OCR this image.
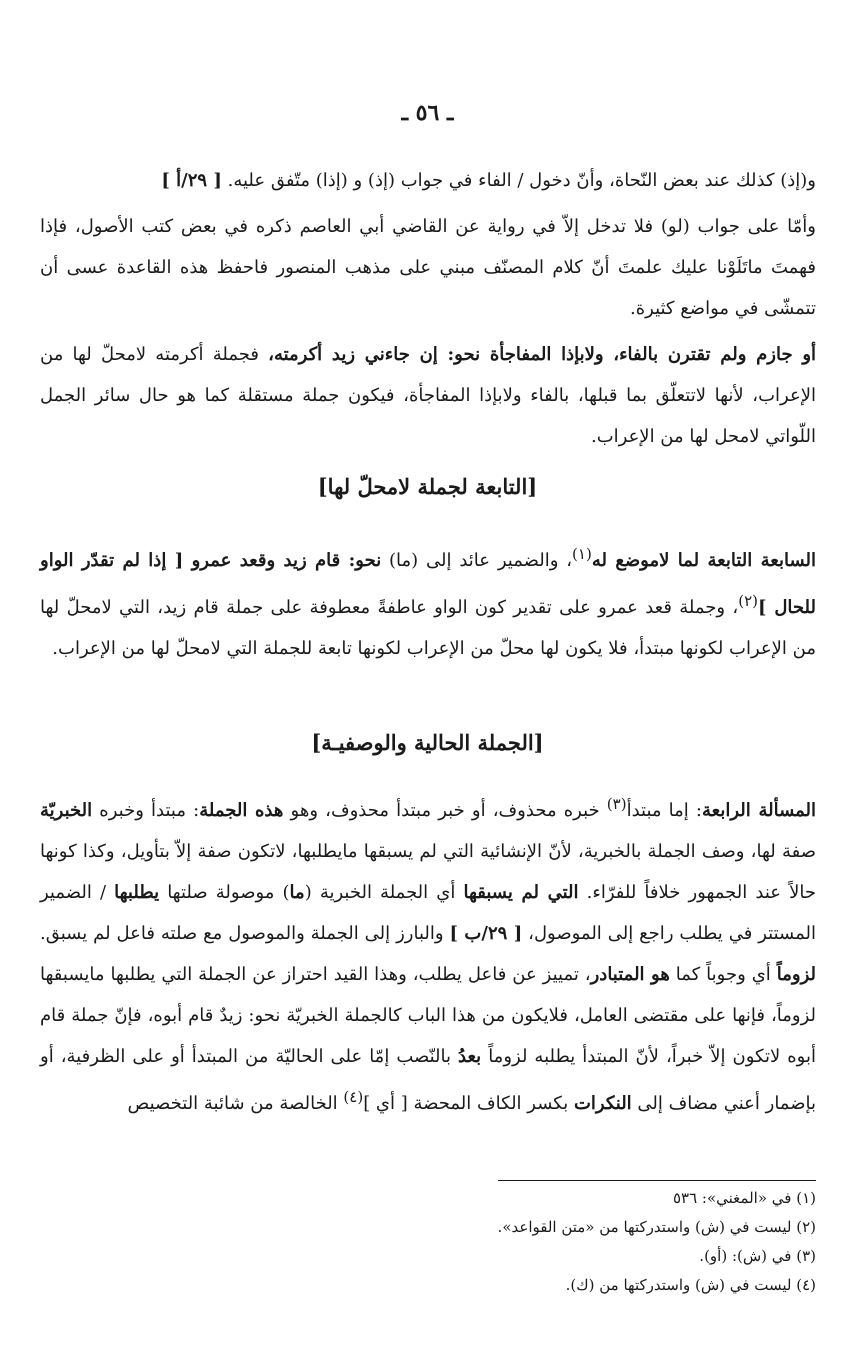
ـ ٥٦ ـ
و(إذ) كذلك عند بعض النّحاة، وأنّ دخول / الفاء في جواب (إذ) و (إذا) متّفق عليه. [ ٢٩/أ ]
وأمّا على جواب (لو) فلا تدخل إلاّ في رواية عن القاضي أبي العاصم ذكره في بعض كتب الأصول، فإذا فهمتَ ماتَلَوْنا عليك علمتَ أنّ كلام المصنّف مبني على مذهب المنصور فاحفظ هذه القاعدة عسى أن تتمشّى في مواضع كثيرة.
أو جازم ولم تقترن بالفاء، ولابإذا المفاجأة نحو: إن جاءني زيد أكرمته، فجملة أكرمته لامحلّ لها من الإعراب، لأنها لاتتعلّق بما قبلها، بالفاء ولابإذا المفاجأة، فيكون جملة مستقلة كما هو حال سائر الجمل اللّواتي لامحل لها من الإعراب.
[التابعة لجملة لامحلّ لها]
السابعة التابعة لما لاموضع له$^{(١)}$، والضمير عائد إلى (ما) نحو: قام زيد وقعد عمرو [ إذا لم تقدّر الواو للحال ]$^{(٢)}$، وجملة قعد عمرو على تقدير كون الواو عاطفةً معطوفة على جملة قام زيد، التي لامحلّ لها من الإعراب لكونها مبتدأ، فلا يكون لها محلّ من الإعراب لكونها تابعة للجملة التي لامحلّ لها من الإعراب.
[الجملة الحالية والوصفيـة]
المسألة الرابعة: إما مبتدأ$^{(٣)}$ خبره محذوف، أو خبر مبتدأ محذوف، وهو هذه الجملة: مبتدأ وخبره الخبريّة صفة لها، وصف الجملة بالخبرية، لأنّ الإنشائية التي لم يسبقها مايطلبها، لاتكون صفة إلاّ بتأويل، وكذا كونها حالاً عند الجمهور خلافاً للفرّاء. التي لم يسبقها أي الجملة الخبرية (ما) موصولة صلتها يطلبها / الضمير المستتر في يطلب راجع إلى الموصول، [ ٢٩/ب ] والبارز إلى الجملة والموصول مع صلته فاعل لم يسبق. لزوماً أي وجوباً كما هو المتبادر، تمييز عن فاعل يطلب، وهذا القيد احتراز عن الجملة التي يطلبها مايسبقها لزوماً، فإنها على مقتضى العامل، فلايكون من هذا الباب كالجملة الخبريّة نحو: زيدٌ قام أبوه، فإنّ جملة قام أبوه لاتكون إلاّ خبراً، لأنّ المبتدأ يطلبه لزوماً بعدُ بالنّصب إمّا على الحاليّة من المبتدأ أو على الظرفية، أو بإضمار أعني مضاف إلى النكرات بكسر الكاف المحضة [ أي ]$^{(٤)}$ الخالصة من شائبة التخصيص
(١) في «المغني»: ٥٣٦
(٢) ليست في (ش) واستدركتها من «متن القواعد».
(٣) في (ش): (أو).
(٤) ليست في (ش) واستدركتها من (ك).
